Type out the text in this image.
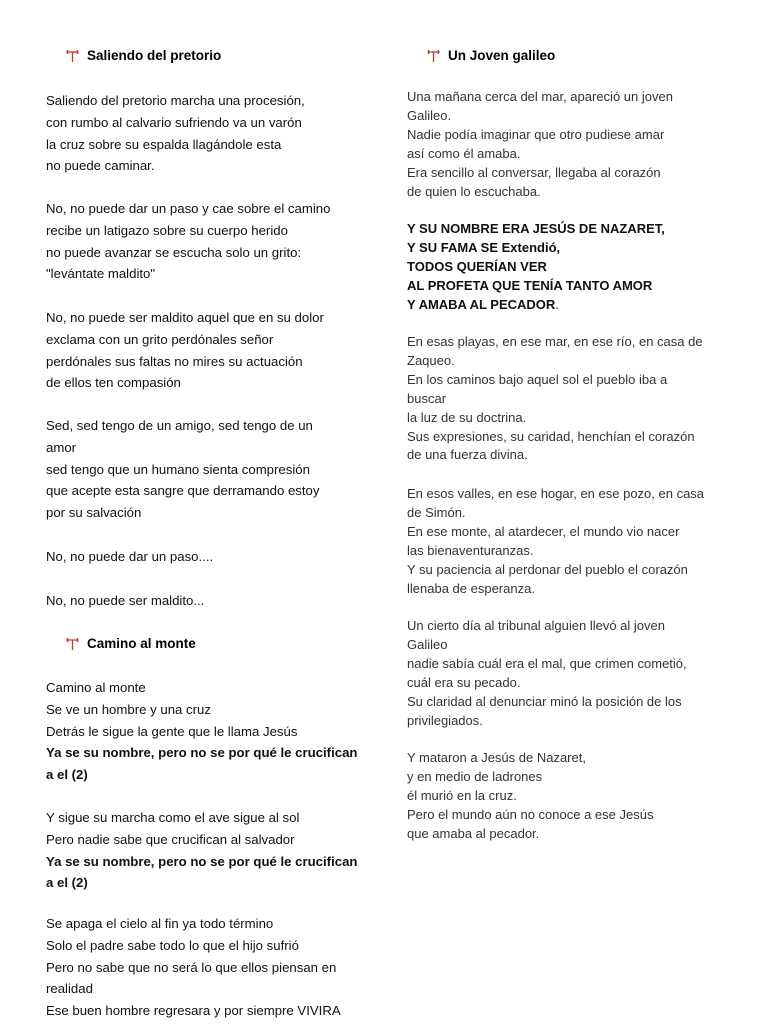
Saliendo del pretorio
Saliendo del pretorio marcha una procesión,
con rumbo al calvario sufriendo va un varón
la cruz sobre su espalda llagándole esta
no puede caminar.
No, no puede dar un paso y cae sobre el camino
recibe un latigazo sobre su cuerpo herido
no puede avanzar se escucha solo un grito:
"levántate maldito"
No, no puede ser maldito aquel que en su dolor
exclama con un grito perdónales señor
perdónales sus faltas no mires su actuación
de ellos ten compasión
Sed, sed tengo de un amigo, sed tengo de un
amor
sed tengo que un humano sienta compresión
que acepte esta sangre que derramando estoy
por su salvación
No, no puede dar un paso....
No, no puede ser maldito...
Camino al monte
Camino al monte
Se ve un hombre y una cruz
Detrás le sigue la gente que le llama Jesús
Ya se su nombre, pero no se por qué le crucifican
a el (2)
Y sigue su marcha como el ave sigue al sol
Pero nadie sabe que crucifican al salvador
Ya se su nombre, pero no se por qué le crucifican
a el (2)
Se apaga el cielo al fin ya todo término
Solo el padre sabe todo lo que el hijo sufrió
Pero no sabe que no será lo que ellos piensan en
realidad
Ese buen hombre regresara y por siempre VIVIRA
Un Joven galileo
Una mañana cerca del mar, apareció un joven
Galileo.
Nadie podía imaginar que otro pudiese amar
así como él amaba.
Era sencillo al conversar, llegaba al corazón
de quien lo escuchaba.
Y SU NOMBRE ERA JESÚS DE NAZARET,
Y SU FAMA SE Extendió,
TODOS QUERÍAN VER
AL PROFETA QUE TENÍA TANTO AMOR
Y AMABA AL PECADOR.
En esas playas, en ese mar, en ese río, en casa de
Zaqueo.
En los caminos bajo aquel sol el pueblo iba a
buscar
la luz de su doctrina.
Sus expresiones, su caridad, henchían el corazón
de una fuerza divina.
En esos valles, en ese hogar, en ese pozo, en casa
de Simón.
En ese monte, al atardecer, el mundo vio nacer
las bienaventuranzas.
Y su paciencia al perdonar del pueblo el corazón
llenaba de esperanza.
Un cierto día al tribunal alguien llevó al joven
Galileo
nadie sabía cuál era el mal, que crimen cometió,
cuál era su pecado.
Su claridad al denunciar minó la posición de los
privilegiados.
Y mataron a Jesús de Nazaret,
y en medio de ladrones
él murió en la cruz.
Pero el mundo aún no conoce a ese Jesús
que amaba al pecador.
